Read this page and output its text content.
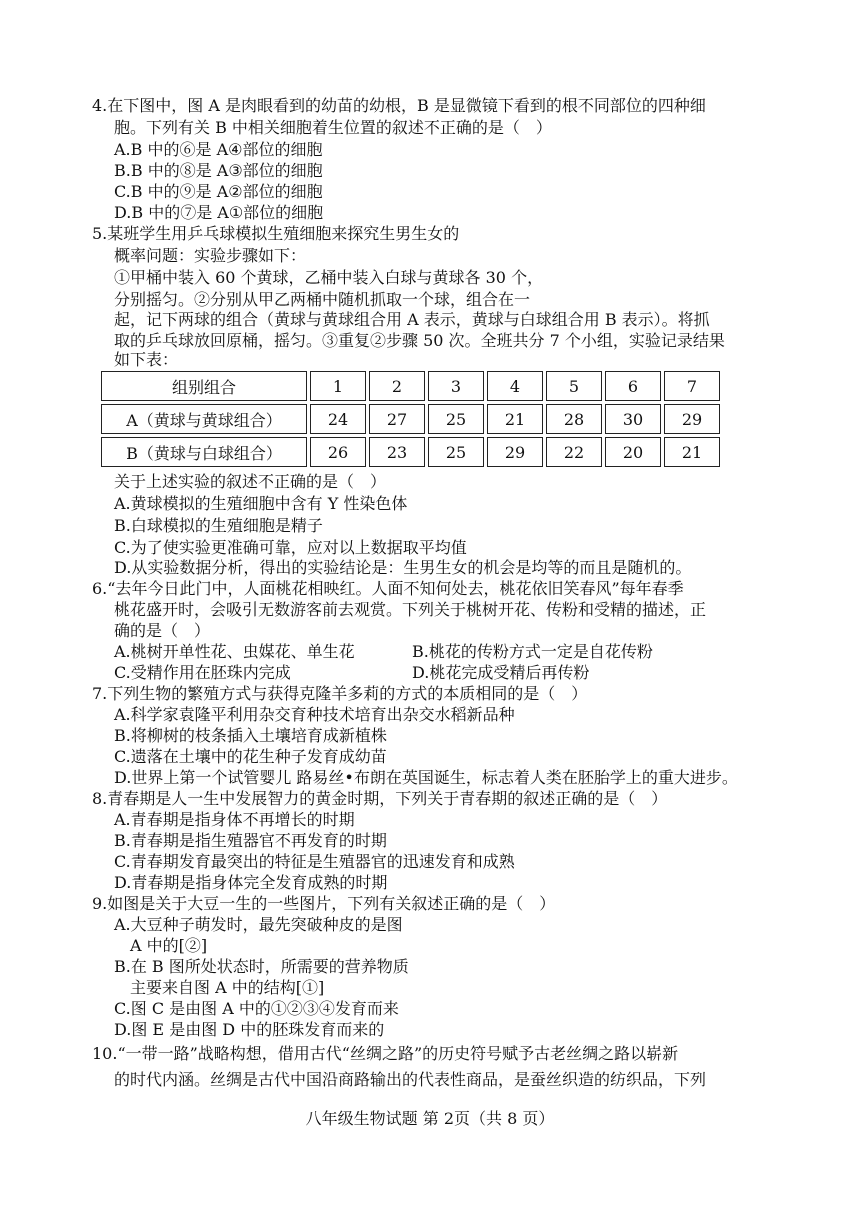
4.在下图中，图 A 是肉眼看到的幼苗的幼根，B 是显微镜下看到的根不同部位的四种细
胞。下列有关 B 中相关细胞着生位置的叙述不正确的是（　）
A.B 中的⑥是 A④部位的细胞
B.B 中的⑧是 A③部位的细胞
C.B 中的⑨是 A②部位的细胞
D.B 中的⑦是 A①部位的细胞
5.某班学生用乒乓球模拟生殖细胞来探究生男生女的
概率问题：实验步骤如下：
①甲桶中装入 60 个黄球，乙桶中装入白球与黄球各 30 个，
分别摇匀。②分别从甲乙两桶中随机抓取一个球，组合在一
起，记下两球的组合（黄球与黄球组合用 A 表示，黄球与白球组合用 B 表示）。将抓
取的乒乓球放回原桶，摇匀。③重复②步骤 50 次。全班共分 7 个小组，实验记录结果
如下表：
组别组合	1	2	3	4	5	6	7
A（黄球与黄球组合）	24	27	25	21	28	30	29
B（黄球与白球组合）	26	23	25	29	22	20	21
关于上述实验的叙述不正确的是（　）
A.黄球模拟的生殖细胞中含有 Y 性染色体
B.白球模拟的生殖细胞是精子
C.为了使实验更准确可靠，应对以上数据取平均值
D.从实验数据分析，得出的实验结论是：生男生女的机会是均等的而且是随机的。
6.“去年今日此门中，人面桃花相映红。人面不知何处去，桃花依旧笑春风”每年春季
桃花盛开时，会吸引无数游客前去观赏。下列关于桃树开花、传粉和受精的描述，正
确的是（　）
A.桃树开单性花、虫媒花、单生花	B.桃花的传粉方式一定是自花传粉
C.受精作用在胚珠内完成	D.桃花完成受精后再传粉
7.下列生物的繁殖方式与获得克隆羊多莉的方式的本质相同的是（　）
A.科学家袁隆平利用杂交育种技术培育出杂交水稻新品种
B.将柳树的枝条插入土壤培育成新植株
C.遗落在土壤中的花生种子发育成幼苗
D.世界上第一个试管婴儿 路易丝•布朗在英国诞生，标志着人类在胚胎学上的重大进步。
8.青春期是人一生中发展智力的黄金时期，下列关于青春期的叙述正确的是（　）
A.青春期是指身体不再增长的时期
B.青春期是指生殖器官不再发育的时期
C.青春期发育最突出的特征是生殖器官的迅速发育和成熟
D.青春期是指身体完全发育成熟的时期
9.如图是关于大豆一生的一些图片，下列有关叙述正确的是（　）
A.大豆种子萌发时，最先突破种皮的是图
A 中的[②]
B.在 B 图所处状态时，所需要的营养物质
主要来自图 A 中的结构[①]
C.图 C 是由图 A 中的①②③④发育而来
D.图 E 是由图 D 中的胚珠发育而来的
10.“一带一路”战略构想，借用古代“丝绸之路”的历史符号赋予古老丝绸之路以崭新
的时代内涵。丝绸是古代中国沿商路输出的代表性商品，是蚕丝织造的纺织品，下列
八年级生物试题 第 2页（共 8 页）
